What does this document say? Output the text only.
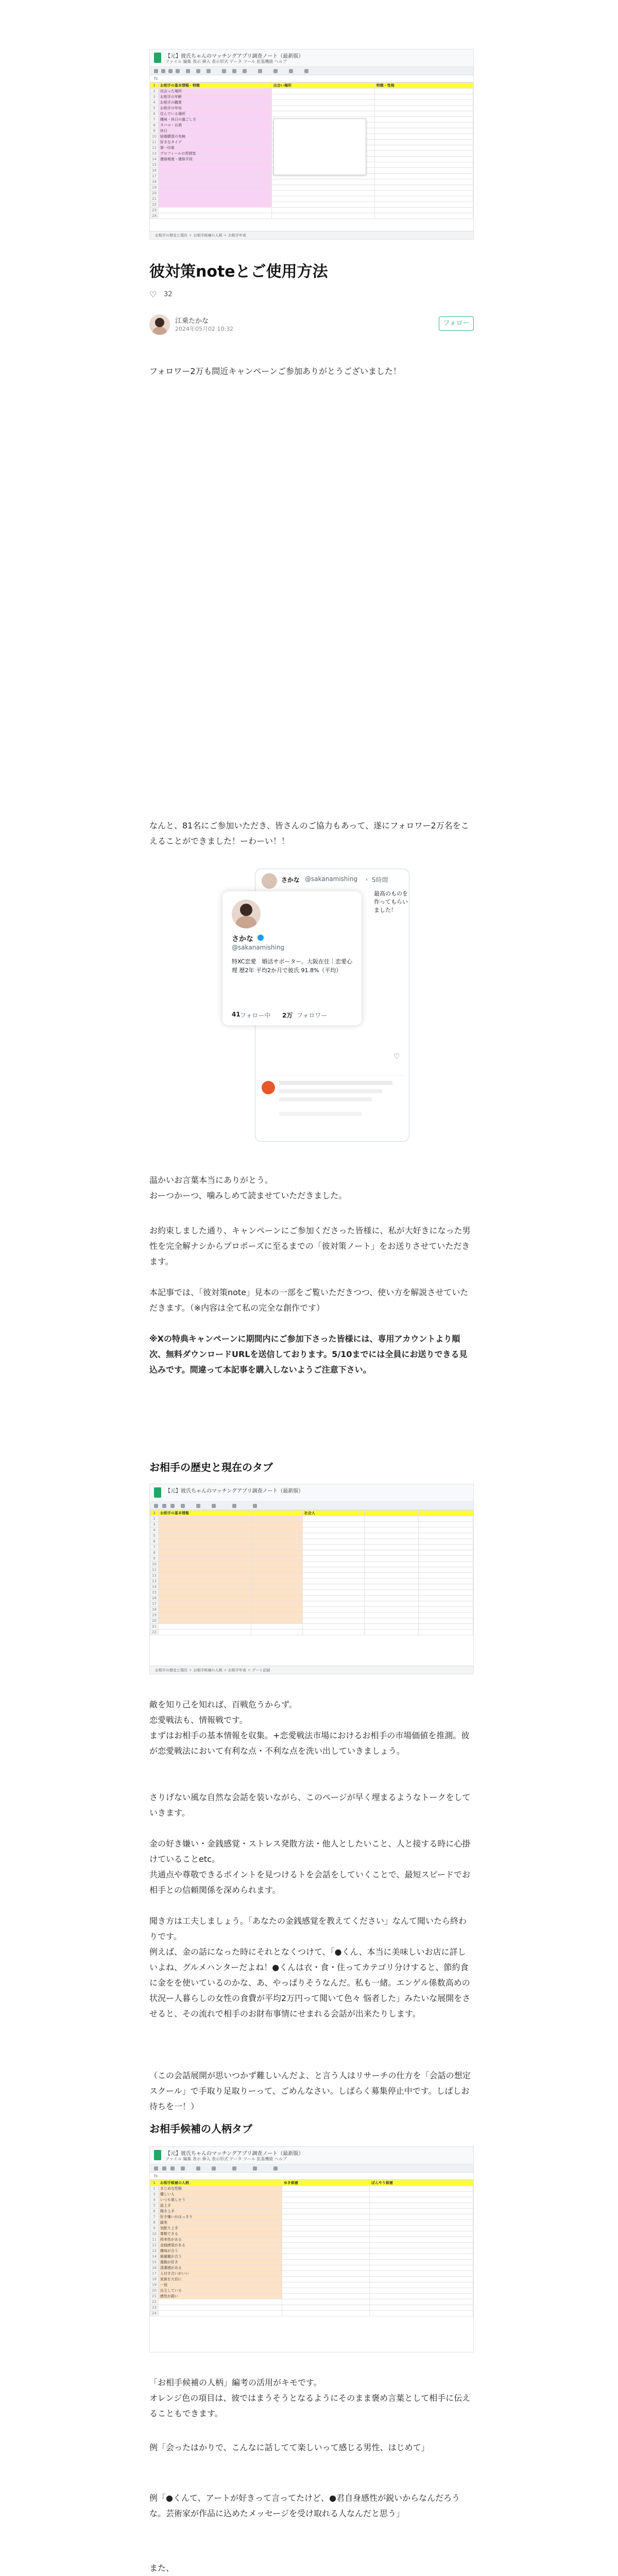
【元】彼氏ちゃんのマッチングアプリ調査ノート（最新版）
ファイル 編集 表示 挿入 表示形式 データ ツール 拡張機能 ヘルプ
fx
1	お相手の基本情報・特徴	出会い場所	特徴・性格
2	出会った場所		
3	お相手の年齢		
4	お相手の職業		
5	お相手の年収		
6	住んでいる場所		
7	趣味・休日の過ごし方		
8	タバコ・お酒		
9	休日		
10	結婚願望の有無		
11	好きなタイプ		
12	第一印象		
13	プロフィールの雰囲気		
14	連絡頻度・連絡手段		
15			
16			
17			
18			
19			
20			
21			
22			
23			
24			
お相手の歴史と現在 ＋ お相手候補の人柄 ＋ お相手年表
彼対策noteとご使用方法
♡ 32
江乗たかな
2024年05月02 10:32
フォロー
フォロワー2万も間近キャンペーンご参加ありがとうございました！
なんと、81名にご参加いただき、皆さんのご協力もあって、遂にフォロワー2万名をこえることができました！ーわーい！！
さかな @sakanamishing ・ 5時間
最高のものを作ってもらいました！
♡
さかな
@sakanamishing
特XC恋愛　婚活サポーター。大阪在住｜恋愛心理 歴2年 平均2か月で彼氏 91.8%（平均）
41 フォロー中 2万 フォロワー
温かいお言葉本当にありがとう。
おーつかーつ、噛みしめて読ませていただきました。
お約束しました通り、キャンペーンにご参加くださった皆様に、私が大好きになった男性を完全解ナシからプロポーズに至るまでの「彼対策ノート」をお送りさせていただきます。
本記事では、「彼対策note」見本の一部をご覧いただきつつ、使い方を解説させていただきます。（※内容は全て私の完全な創作です）
※Xの特典キャンペーンに期間内にご参加下さった皆様には、専用アカウントより順次、無料ダウンロードURLを送信しております。5/10までには全員にお送りできる見込みです。間違って本記事を購入しないようご注意下さい。
お相手の歴史と現在のタブ
【元】彼氏ちゃんのマッチングアプリ調査ノート（最新版）
1	お相手の基本情報		社会人		
2					
3					
4					
5					
6					
7					
8					
9					
10					
11					
12					
13					
14					
15					
16					
17					
18					
19					
20					
21					
22					
お相手の歴史と現在 ＋ お相手候補の人柄 ＋ お相手年表 ＋ デート記録
敵を知り己を知れば、百戦危うからず。
恋愛戦法も、情報戦です。
まずはお相手の基本情報を収集。+恋愛戦法市場におけるお相手の市場価値を推測。彼が恋愛戦法において有利な点・不利な点を洗い出していきましょう。
さりげない風な自然な会話を装いながら、このページが早く埋まるようなトークをしていきます。
金の好き嫌い・金銭感覚・ストレス発散方法・他人としたいこと、人と接する時に心掛けていることetc。
共通点や尊敬できるポイントを見つけるトを会話をしていくことで、最短スピードでお相手との信頼関係を深められます。
聞き方は工夫しましょう。「あなたの金銭感覚を教えてください」なんて聞いたら終わりです。
例えば、金の話になった時にそれとなくつけて、「●くん、本当に美味しいお店に詳しいよね、グルメハンターだよね！●くんは衣・食・住ってカテゴリ分けすると、節約食に金をを使いているのかな、あ、やっぱりそうなんだ。私も一緒。エンゲル係数高めの状況ー人暮らしの女性の食費が平均2万円って聞いて色々 悩者した」みたいな展開をさせると、その流れで相手のお財布事情にせまれる会話が出来たりします。
（この会話展開が思いつかず難しいんだよ、と言う人はリサーチの仕方を「会話の想定スクール」で手取り足取りーって、ごめんなさい。しばらく募集停止中です。しばしお待ちを一！）
お相手候補の人柄タブ
【元】彼氏ちゃんのマッチングアプリ調査ノート（最新版）
ファイル 編集 表示 挿入 表示形式 データ ツール 拡張機能 ヘルプ
fx
1	お相手候補の人柄	ゆき候補	ぼんやり候補
2	まじめな性格		
3	優しい人		
4	いつも楽しそう		
5	話上手		
6	聞き上手		
7	好き嫌いがはっきり		
8	誠実		
9	気配り上手		
10	尊敬できる		
11	将来性がある		
12	金銭感覚がある		
13	趣味が合う		
14	価値観が合う		
15	運動が好き		
16	清潔感がある		
17	人付き合いがいい		
18	家族を大切に		
19	一途		
20	自立している		
21	感性が鋭い		
22			
23			
24			
「お相手候補の人柄」編考の活用がキモです。
オレンジ色の項目は、彼ではまうそうとなるようにそのまま褒め言葉として相手に伝えることもできます。
例「会ったはかりで、こんなに話してて楽しいって感じる男性、はじめて」
例「●くんて、アートが好きって言ってたけど、●君自身感性が鋭いからなんだろうな。芸術家が作品に込めたメッセージを受け取れる人なんだと思う」
また、
